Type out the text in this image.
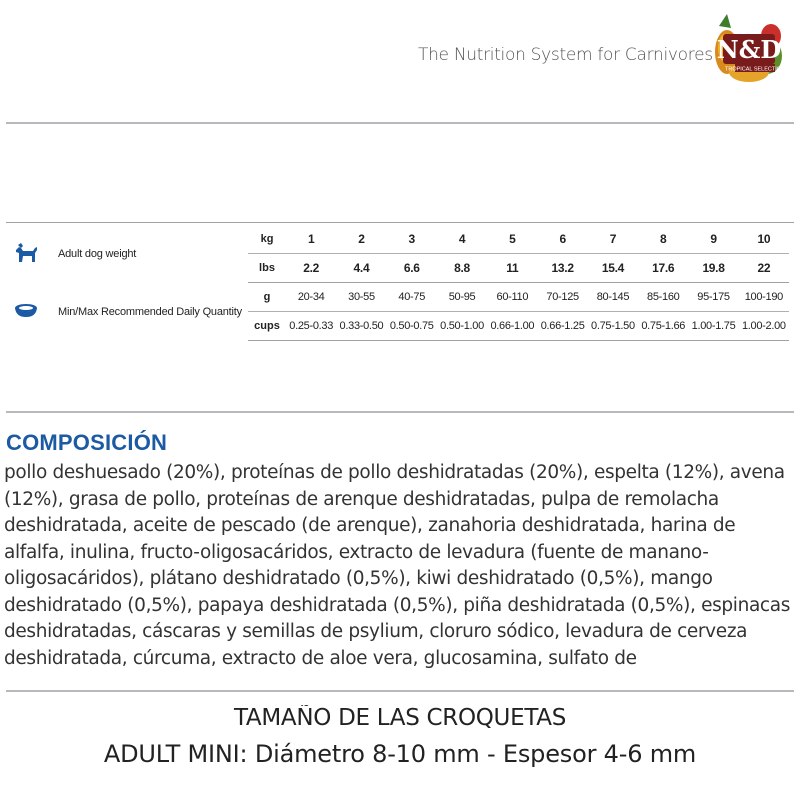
The Nutrition System for Carnivores N&D
TROPICAL SELECTION
	Adult dog weight	kg	1	2	3	4	5	6	7	8	9	10
		lbs	2.2	4.4	6.6	8.8	11	13.2	15.4	17.6	19.8	22
	Min/Max Recommended Daily Quantity	g	20-34	30-55	40-75	50-95	60-110	70-125	80-145	85-160	95-175	100-190
		cups	0.25-0.33	0.33-0.50	0.50-0.75	0.50-1.00	0.66-1.00	0.66-1.25	0.75-1.50	0.75-1.66	1.00-1.75	1.00-2.00
COMPOSICIÓN
pollo deshuesado (20%), proteínas de pollo deshidratadas (20%), espelta (12%), avena (12%), grasa de pollo, proteínas de arenque deshidratadas, pulpa de remolacha deshidratada, aceite de pescado (de arenque), zanahoria deshidratada, harina de alfalfa, inulina, fructo-oligosacáridos, extracto de levadura (fuente de manano-oligosacáridos), plátano deshidratado (0,5%), kiwi deshidratado (0,5%), mango deshidratado (0,5%), papaya deshidratada (0,5%), piña deshidratada (0,5%), espinacas deshidratadas, cáscaras y semillas de psylium, cloruro sódico, levadura de cerveza deshidratada, cúrcuma, extracto de aloe vera, glucosamina, sulfato de
TAMAÑO DE LAS CROQUETAS
ADULT MINI: Diámetro 8-10 mm - Espesor 4-6 mm
